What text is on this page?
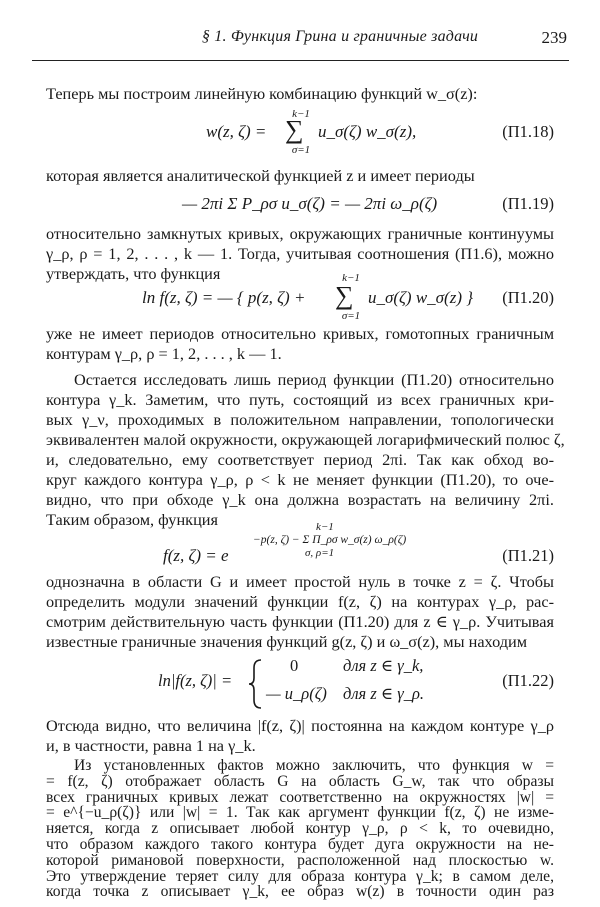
§ 1. Функция Грина и граничные задачи	239
Теперь мы построим линейную комбинацию функций w_σ(z):
k−1
w(z, ζ) = ∑
σ=1
u_σ(ζ) w_σ(z),	(П1.18)
которая является аналитической функцией z и имеет периоды
— 2πi Σ P_ρσ u_σ(ζ) = — 2πi ω_ρ(ζ)	(П1.19)
относительно замкнутых кривых, окружающих граничные континуумы
γ_ρ, ρ = 1, 2, . . . , k — 1. Тогда, учитывая соотношения (П1.6), можно
утверждать, что функция	k−1
ln f(z, ζ) = — { p(z, ζ) + ∑
σ=1
u_σ(ζ) w_σ(z) } (П1.20)
уже не имеет периодов относительно кривых, гомотопных граничным
контурам γ_ρ, ρ = 1, 2, . . . , k — 1.
Остается исследовать лишь период функции (П1.20) относительно
контура γ_k. Заметим, что путь, состоящий из всех граничных кри-
вых γ_ν, проходимых в положительном направлении, топологически
эквивалентен малой окружности, окружающей логарифмический полюс ζ,
и, следовательно, ему соответствует период 2πi. Так как обход во-
круг каждого контура γ_ρ, ρ < k не меняет функции (П1.20), то оче-
видно, что при обходе γ_k она должна возрастать на величину 2πi.
Таким образом, функция
f(z, ζ) = e
k−1
−p(z, ζ) − Σ Π_ρσ w_σ(z) ω_ρ(ζ)
σ, ρ=1	(П1.21)
однозначна в области G и имеет простой нуль в точке z = ζ. Чтобы
определить модули значений функции f(z, ζ) на контурах γ_ρ, рас-
смотрим действительную часть функции (П1.20) для z ∈ γ_ρ. Учитывая
известные граничные значения функций g(z, ζ) и ω_σ(z), мы находим
ln|f(z, ζ)| =
0	для z ∈ γ_k,
— u_ρ(ζ) для z ∈ γ_ρ.
(П1.22)
Отсюда видно, что величина |f(z, ζ)| постоянна на каждом контуре γ_ρ
и, в частности, равна 1 на γ_k.
Из установленных фактов можно заключить, что функция w =
= f(z, ζ) отображает область G на область G_w, так что образы
всех граничных кривых лежат соответственно на окружностях |w| =
= e^{−u_ρ(ζ)} или |w| = 1. Так как аргумент функции f(z, ζ) не изме-
няется, когда z описывает любой контур γ_ρ, ρ < k, то очевидно,
что образом каждого такого контура будет дуга окружности на не-
которой римановой поверхности, расположенной над плоскостью w.
Это утверждение теряет силу для образа контура γ_k; в самом деле,
когда точка z описывает γ_k, ее образ w(z) в точности один раз
